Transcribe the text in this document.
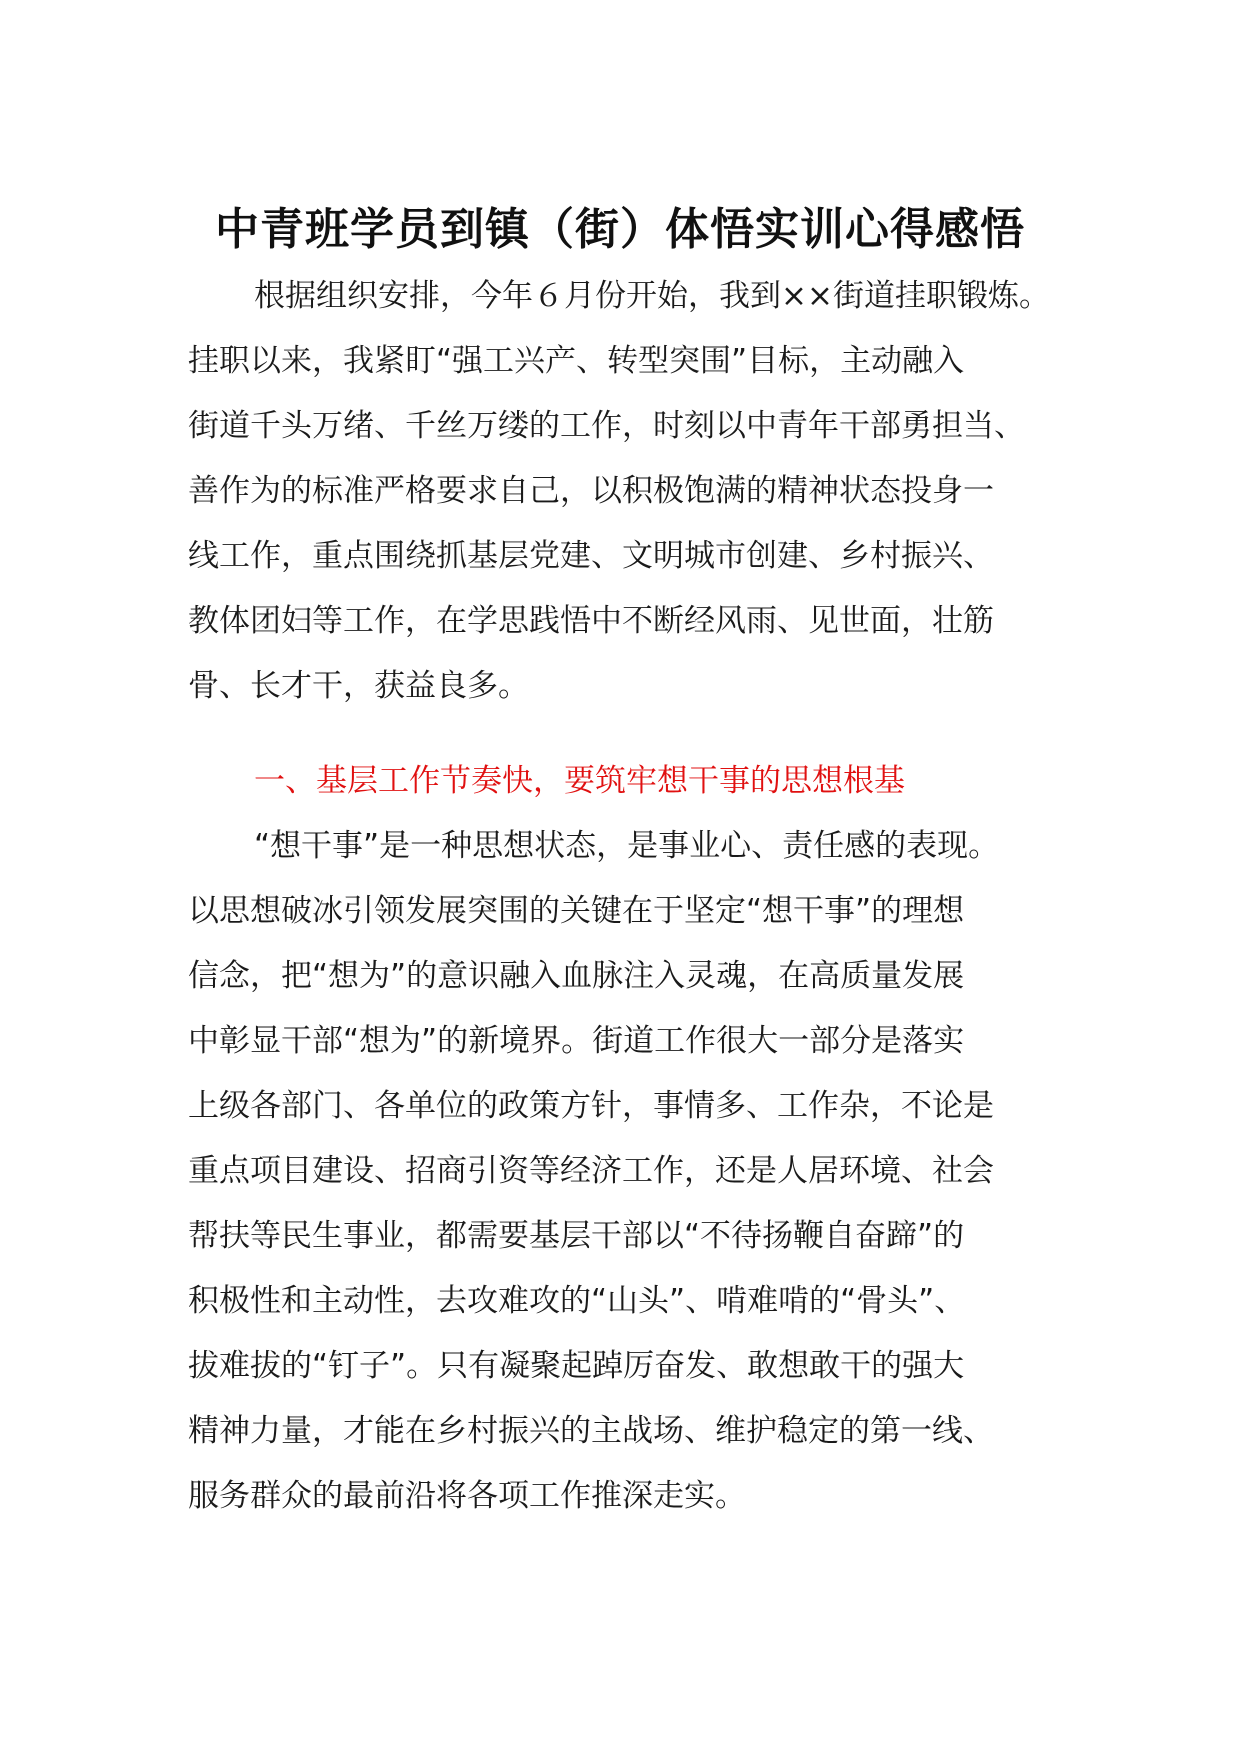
中青班学员到镇（街）体悟实训心得感悟
根据组织安排，今年６月份开始，我到××街道挂职锻炼。
挂职以来，我紧盯“强工兴产、转型突围”目标，主动融入
街道千头万绪、千丝万缕的工作，时刻以中青年干部勇担当、
善作为的标准严格要求自己，以积极饱满的精神状态投身一
线工作，重点围绕抓基层党建、文明城市创建、乡村振兴、
教体团妇等工作，在学思践悟中不断经风雨、见世面，壮筋
骨、长才干，获益良多。
一、基层工作节奏快，要筑牢想干事的思想根基
“想干事”是一种思想状态，是事业心、责任感的表现。
以思想破冰引领发展突围的关键在于坚定“想干事”的理想
信念，把“想为”的意识融入血脉注入灵魂，在高质量发展
中彰显干部“想为”的新境界。街道工作很大一部分是落实
上级各部门、各单位的政策方针，事情多、工作杂，不论是
重点项目建设、招商引资等经济工作，还是人居环境、社会
帮扶等民生事业，都需要基层干部以“不待扬鞭自奋蹄”的
积极性和主动性，去攻难攻的“山头”、啃难啃的“骨头”、
拔难拔的“钉子”。只有凝聚起踔厉奋发、敢想敢干的强大
精神力量，才能在乡村振兴的主战场、维护稳定的第一线、
服务群众的最前沿将各项工作推深走实。
